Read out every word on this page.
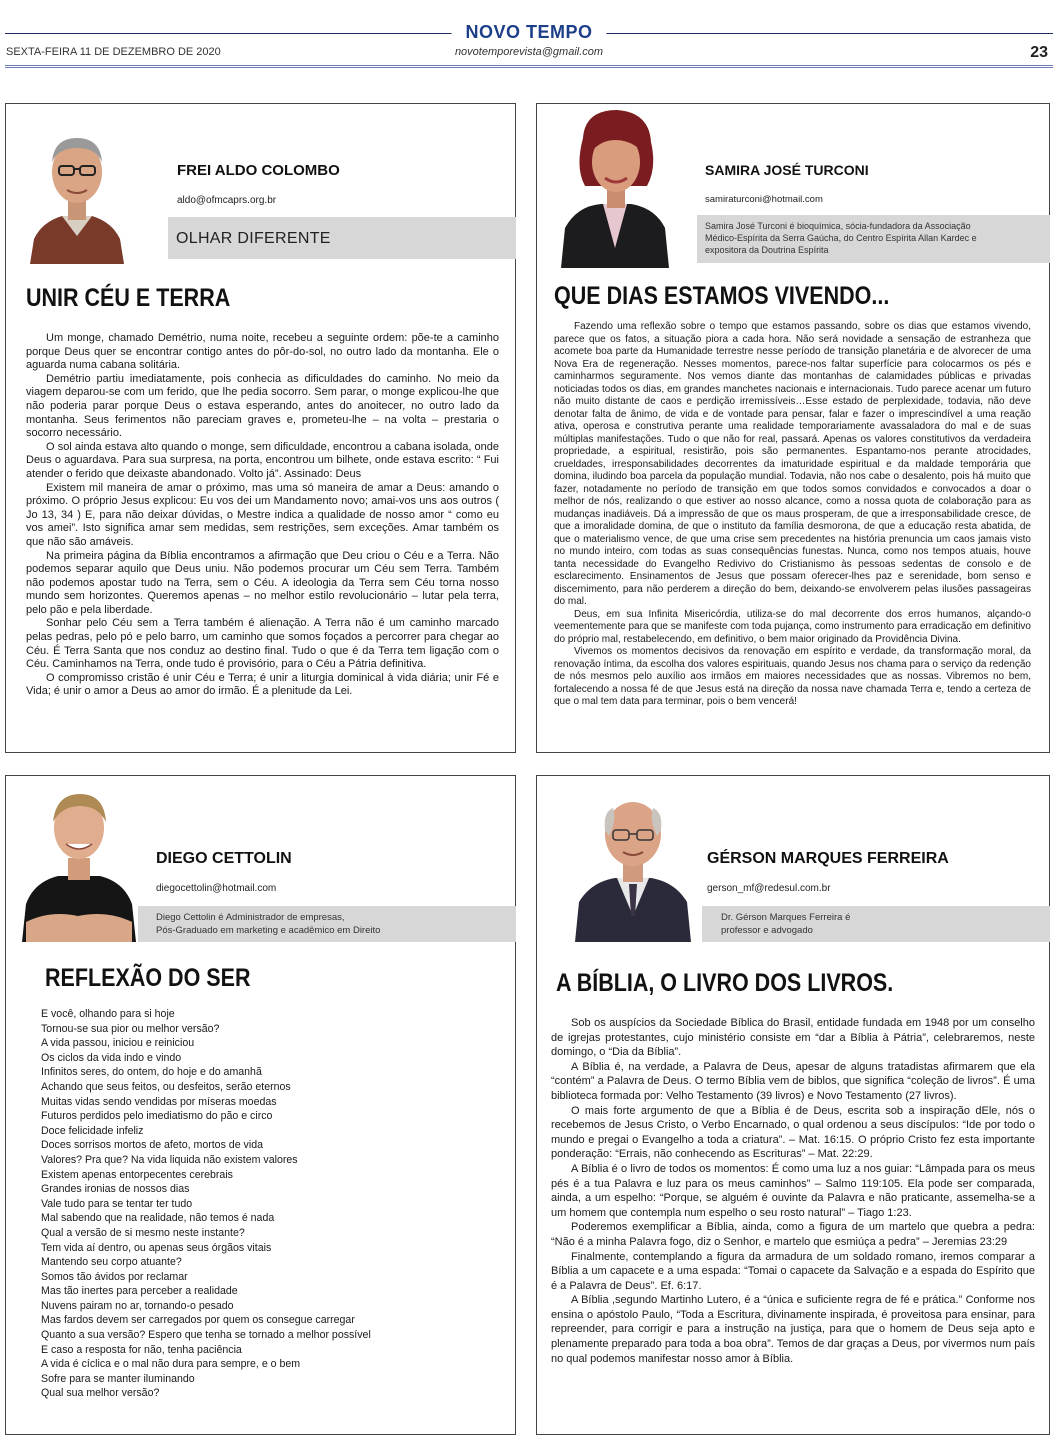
NOVO TEMPO
SEXTA-FEIRA 11 DE DEZEMBRO DE 2020	novotemporevista@gmail.com	23
FREI ALDO COLOMBO
aldo@ofmcaprs.org.br
OLHAR DIFERENTE
UNIR CÉU E TERRA

Um monge, chamado Demétrio, numa noite, recebeu a seguinte ordem: põe-te a caminho porque Deus quer se encontrar contigo antes do pôr-do-sol, no outro lado da montanha. Ele o aguarda numa cabana solitária.

Demétrio partiu imediatamente, pois conhecia as dificuldades do caminho. No meio da viagem deparou-se com um ferido, que lhe pedia socorro. Sem parar, o monge explicou-lhe que não poderia parar porque Deus o estava esperando, antes do anoitecer, no outro lado da montanha. Seus ferimentos não pareciam graves e, prometeu-lhe – na volta – prestaria o socorro necessário.

O sol ainda estava alto quando o monge, sem dificuldade, encontrou a cabana isolada, onde Deus o aguardava. Para sua surpresa, na porta, encontrou um bilhete, onde estava escrito: “ Fui atender o ferido que deixaste abandonado. Volto já”. Assinado: Deus

Existem mil maneira de amar o próximo, mas uma só maneira de amar a Deus: amando o próximo. O próprio Jesus explicou: Eu vos dei um Mandamento novo; amai-vos uns aos outros ( Jo 13, 34 ) E, para não deixar dúvidas, o Mestre indica a qualidade de nosso amor “ como eu vos amei”. Isto significa amar sem medidas, sem restrições, sem exceções. Amar também os que não são amáveis.

Na primeira página da Bíblia encontramos a afirmação que Deu criou o Céu e a Terra. Não podemos separar aquilo que Deus uniu. Não podemos procurar um Céu sem Terra. Também não podemos apostar tudo na Terra, sem o Céu. A ideologia da Terra sem Céu torna nosso mundo sem horizontes. Queremos apenas – no melhor estilo revolucionário – lutar pela terra, pelo pão e pela liberdade.

Sonhar pelo Céu sem a Terra também é alienação. A Terra não é um caminho marcado pelas pedras, pelo pó e pelo barro, um caminho que somos foçados a percorrer para chegar ao Céu. É Terra Santa que nos conduz ao destino final. Tudo o que é da Terra tem ligação com o Céu. Caminhamos na Terra, onde tudo é provisório, para o Céu a Pátria definitiva.

O compromisso cristão é unir Céu e Terra; é unir a liturgia dominical à vida diária; unir Fé e Vida; é unir o amor a Deus ao amor do irmão. É a plenitude da Lei.

SAMIRA JOSÉ TURCONI
samiraturconi@hotmail.com
Samira José Turconi é bioquímica, sócia-fundadora da Associação Médico-Espírita da Serra Gaúcha, do Centro Espírita Allan Kardec e expositora da Doutrina Espírita
QUE DIAS ESTAMOS VIVENDO...

Fazendo uma reflexão sobre o tempo que estamos passando, sobre os dias que estamos vivendo, parece que os fatos, a situação piora a cada hora. Não será novidade a sensação de estranheza que acomete boa parte da Humanidade terrestre nesse período de transição planetária e de alvorecer de uma Nova Era de regeneração. Nesses momentos, parece-nos faltar superfície para colocarmos os pés e caminharmos seguramente. Nos vemos diante das montanhas de calamidades públicas e privadas noticiadas todos os dias, em grandes manchetes nacionais e internacionais. Tudo parece acenar um futuro não muito distante de caos e perdição irremissíveis…Esse estado de perplexidade, todavia, não deve denotar falta de ânimo, de vida e de vontade para pensar, falar e fazer o imprescindível a uma reação ativa, operosa e construtiva perante uma realidade temporariamente avassaladora do mal e de suas múltiplas manifestações. Tudo o que não for real, passará. Apenas os valores constitutivos da verdadeira propriedade, a espiritual, resistirão, pois são permanentes. Espantamo-nos perante atrocidades, crueldades, irresponsabilidades decorrentes da imaturidade espiritual e da maldade temporária que domina, iludindo boa parcela da população mundial. Todavia, não nos cabe o desalento, pois há muito que fazer, notadamente no período de transição em que todos somos convidados e convocados a doar o melhor de nós, realizando o que estiver ao nosso alcance, como a nossa quota de colaboração para as mudanças inadiáveis. Dá a impressão de que os maus prosperam, de que a irresponsabilidade cresce, de que a imoralidade domina, de que o instituto da família desmorona, de que a educação resta abatida, de que o materialismo vence, de que uma crise sem precedentes na história prenuncia um caos jamais visto no mundo inteiro, com todas as suas consequências funestas. Nunca, como nos tempos atuais, houve tanta necessidade do Evangelho Redivivo do Cristianismo às pessoas sedentas de consolo e de esclarecimento. Ensinamentos de Jesus que possam oferecer-lhes paz e serenidade, bom senso e discernimento, para não perderem a direção do bem, deixando-se envolverem pelas ilusões passageiras do mal.

Deus, em sua Infinita Misericórdia, utiliza-se do mal decorrente dos erros humanos, alçando-o veementemente para que se manifeste com toda pujança, como instrumento para erradicação em definitivo do próprio mal, restabelecendo, em definitivo, o bem maior originado da Providência Divina.

Vivemos os momentos decisivos da renovação em espírito e verdade, da transformação moral, da renovação íntima, da escolha dos valores espirituais, quando Jesus nos chama para o serviço da redenção de nós mesmos pelo auxílio aos irmãos em maiores necessidades que as nossas. Vibremos no bem, fortalecendo a nossa fé de que Jesus está na direção da nossa nave chamada Terra e, tendo a certeza de que o mal tem data para terminar, pois o bem vencerá!

DIEGO CETTOLIN
diegocettolin@hotmail.com
Diego Cettolin é Administrador de empresas,
Pós-Graduado em marketing e acadêmico em Direito
REFLEXÃO DO SER
E você, olhando para si hoje
Tornou-se sua pior ou melhor versão?
A vida passou, iniciou e reiniciou
Os ciclos da vida indo e vindo
Infinitos seres, do ontem, do hoje e do amanhã
Achando que seus feitos, ou desfeitos, serão eternos
Muitas vidas sendo vendidas por míseras moedas
Futuros perdidos pelo imediatismo do pão e circo
Doce felicidade infeliz
Doces sorrisos mortos de afeto, mortos de vida
Valores? Pra que? Na vida liquida não existem valores
Existem apenas entorpecentes cerebrais
Grandes ironias de nossos dias
Vale tudo para se tentar ter tudo
Mal sabendo que na realidade, não temos é nada
Qual a versão de si mesmo neste instante?
Tem vida aí dentro, ou apenas seus órgãos vitais
Mantendo seu corpo atuante?
Somos tão ávidos por reclamar
Mas tão inertes para perceber a realidade
Nuvens pairam no ar, tornando-o pesado
Mas fardos devem ser carregados por quem os consegue carregar
Quanto a sua versão? Espero que tenha se tornado a melhor possível
E caso a resposta for não, tenha paciência
A vida é cíclica e o mal não dura para sempre, e o bem
Sofre para se manter iluminando
Qual sua melhor versão?
GÉRSON MARQUES FERREIRA
gerson_mf@redesul.com.br
Dr. Gérson Marques Ferreira é
professor e advogado
A BÍBLIA, O LIVRO DOS LIVROS.

Sob os auspícios da Sociedade Bíblica do Brasil, entidade fundada em 1948 por um conselho de igrejas protestantes, cujo ministério consiste em “dar a Bíblia à Pátria”, celebraremos, neste domingo, o “Dia da Bíblia”.

A Bíblia é, na verdade, a Palavra de Deus, apesar de alguns tratadistas afirmarem que ela “contém” a Palavra de Deus. O termo Bíblia vem de biblos, que significa “coleção de livros”. É uma biblioteca formada por: Velho Testamento (39 livros) e Novo Testamento (27 livros).

O mais forte argumento de que a Bíblia é de Deus, escrita sob a inspiração dEle, nós o recebemos de Jesus Cristo, o Verbo Encarnado, o qual ordenou a seus discípulos: “Ide por todo o mundo e pregai o Evangelho a toda a criatura”. – Mat. 16:15. O próprio Cristo fez esta importante ponderação: “Errais, não conhecendo as Escrituras” – Mat. 22:29.

A Bíblia é o livro de todos os momentos: É como uma luz a nos guiar: “Lâmpada para os meus pés é a tua Palavra e luz para os meus caminhos” – Salmo 119:105. Ela pode ser comparada, ainda, a um espelho: “Porque, se alguém é ouvinte da Palavra e não praticante, assemelha-se a um homem que contempla num espelho o seu rosto natural” – Tiago 1:23.

Poderemos exemplificar a Bíblia, ainda, como a figura de um martelo que quebra a pedra: “Não é a minha Palavra fogo, diz o Senhor, e martelo que esmiúça a pedra” – Jeremias 23:29

Finalmente, contemplando a figura da armadura de um soldado romano, iremos comparar a Bíblia a um capacete e a uma espada: “Tomai o capacete da Salvação e a espada do Espírito que é a Palavra de Deus”. Ef. 6:17.

A Bíblia ,segundo Martinho Lutero, é a “única e suficiente regra de fé e prática.” Conforme nos ensina o apóstolo Paulo, “Toda a Escritura, divinamente inspirada, é proveitosa para ensinar, para repreender, para corrigir e para a instrução na justiça, para que o homem de Deus seja apto e plenamente preparado para toda a boa obra”. Temos de dar graças a Deus, por vivermos num país no qual podemos manifestar nosso amor à Bíblia.
